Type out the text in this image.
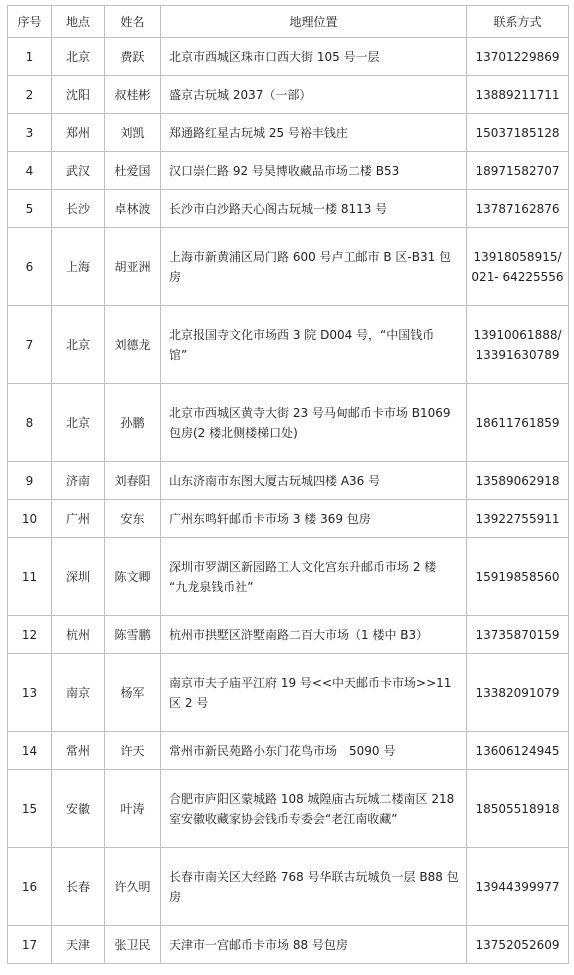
序号	地点	姓名	地理位置	联系方式
1	北京	费跃	北京市西城区珠市口西大街 105 号一层	13701229869

2	沈阳	叔桂彬	盛京古玩城 2037（一部）	13889211711

3	郑州	刘凯	郑通路红星古玩城 25 号裕丰钱庄	15037185128

4	武汉	杜爱国	汉口崇仁路 92 号昊博收藏品市场二楼 B53	18971582707

5	长沙	卓林波	长沙市白沙路天心阁古玩城一楼 8113 号	13787162876

6	上海	胡亚洲	上海市新黄浦区局门路 600 号卢工邮市 B 区-B31 包房	13918058915/
021- 64225556

7	北京	刘德龙	北京报国寺文化市场西 3 院 D004 号，“中国钱币
馆”	13910061888/
13391630789

8	北京	孙鹏	北京市西城区黄寺大街 23 号马甸邮币卡市场 B1069
包房(2 楼北侧楼梯口处)	18611761859

9	济南	刘春阳	山东济南市东图大厦古玩城四楼 A36 号	13589062918

10	广州	安东	广州东鸣轩邮币卡市场 3 楼 369 包房	13922755911

11	深圳	陈文卿	深圳市罗湖区新园路工人文化宫东升邮币市场 2 楼
“九龙泉钱币社”	15919858560

12	杭州	陈雪鹏	杭州市拱墅区浒墅南路二百大市场（1 楼中 B3）	13735870159

13	南京	杨军	南京市夫子庙平江府 19 号<<中天邮币卡市场>>11
区 2 号	13382091079

14	常州	许天	常州市新民苑路小东门花鸟市场　5090 号	13606124945

15	安徽	叶涛	合肥市庐阳区蒙城路 108 城隍庙古玩城二楼南区 218
室安徽收藏家协会钱币专委会“老江南收藏”	18505518918

16	长春	许久明	长春市南关区大经路 768 号华联古玩城负一层 B88 包
房	13944399977

17	天津	张卫民	天津市一宫邮币卡市场 88 号包房	13752052609
